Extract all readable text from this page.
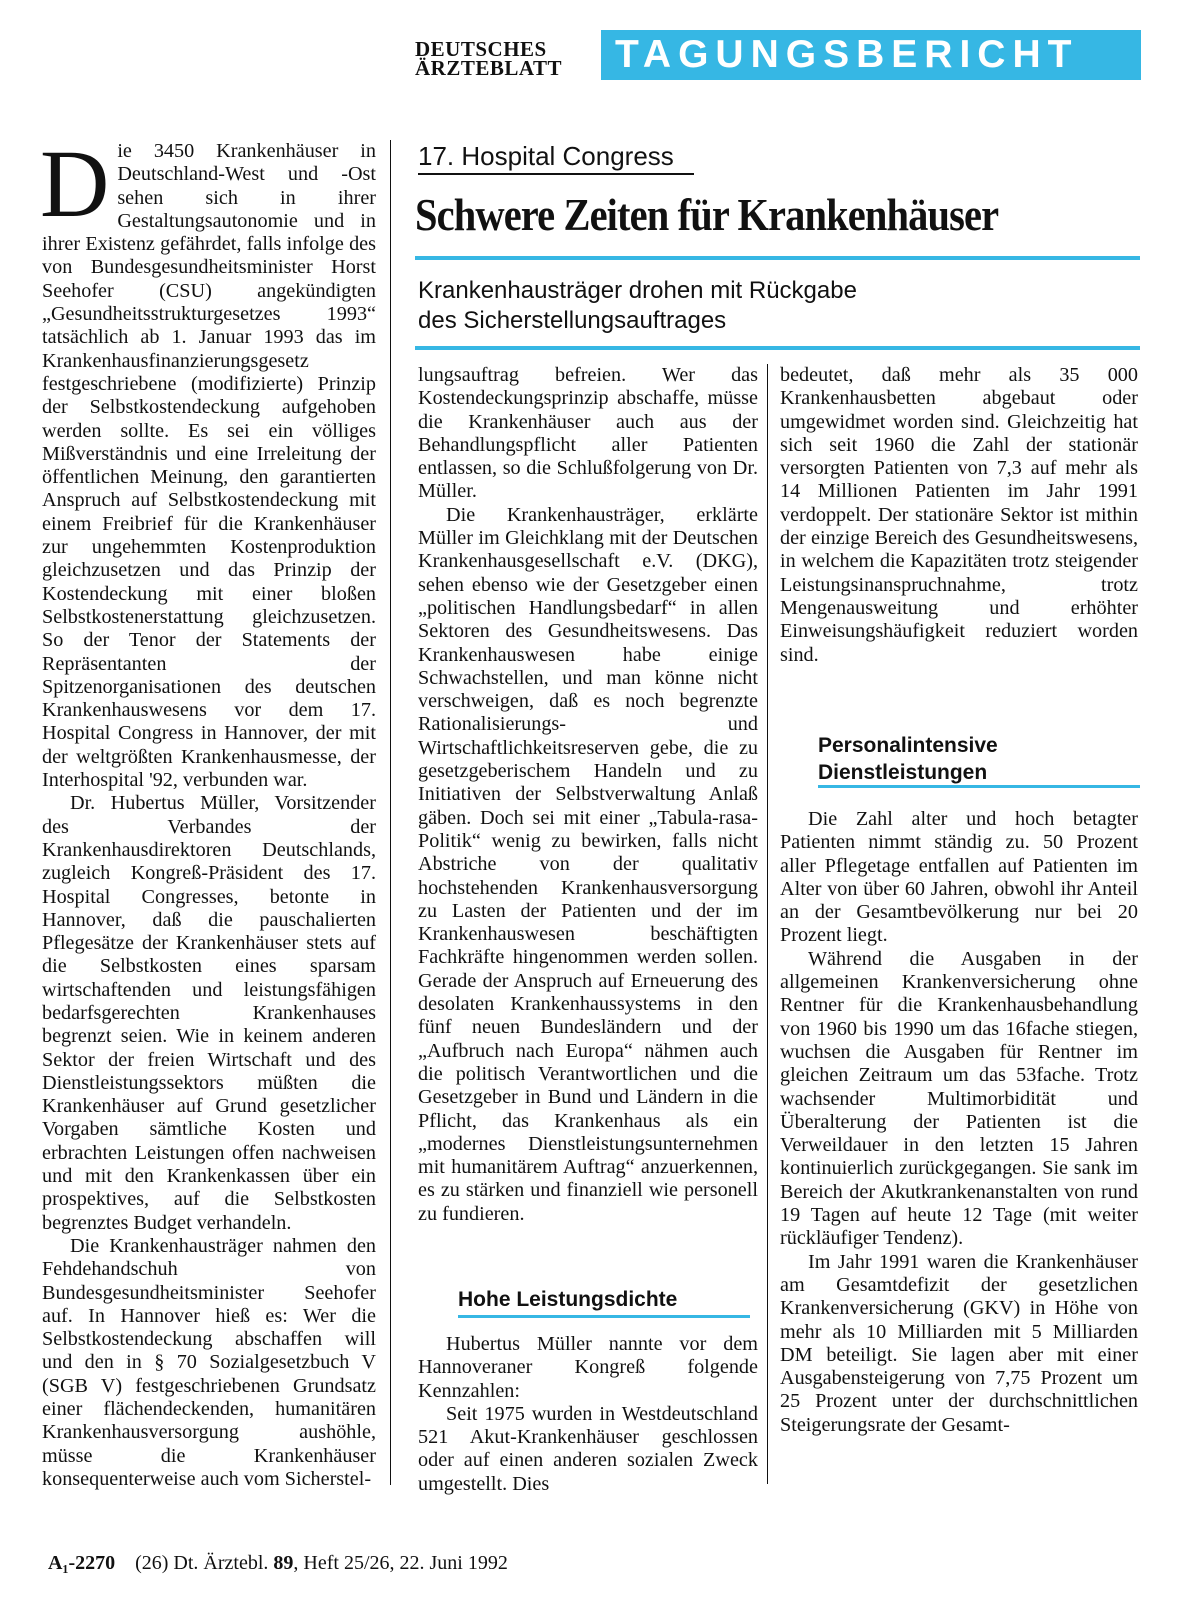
DEUTSCHES
ÄRZTEBLATT	TAGUNGSBERICHT

Die 3450 Krankenhäuser in Deutschland-West und -Ost sehen sich in ihrer Gestaltungsautonomie und in ihrer Existenz gefährdet, falls infolge des von Bundesgesundheitsminister Horst Seehofer (CSU) angekündigten „Gesundheitsstrukturgesetzes 1993“ tatsächlich ab 1. Januar 1993 das im Krankenhausfinanzierungsgesetz festgeschriebene (modifizierte) Prinzip der Selbstkostendeckung aufgehoben werden sollte. Es sei ein völliges Mißverständnis und eine Irreleitung der öffentlichen Meinung, den garantierten Anspruch auf Selbstkostendeckung mit einem Freibrief für die Krankenhäuser zur ungehemmten Kostenproduktion gleichzusetzen und das Prinzip der Kostendeckung mit einer bloßen Selbstkostenerstattung gleichzusetzen. So der Tenor der Statements der Repräsentanten der Spitzenorganisationen des deutschen Krankenhauswesens vor dem 17. Hospital Congress in Hannover, der mit der weltgrößten Krankenhausmesse, der Interhospital '92, verbunden war.

Dr. Hubertus Müller, Vorsitzender des Verbandes der Krankenhausdirektoren Deutschlands, zugleich Kongreß-Präsident des 17. Hospital Congresses, betonte in Hannover, daß die pauschalierten Pflegesätze der Krankenhäuser stets auf die Selbstkosten eines sparsam wirtschaftenden und leistungsfähigen bedarfsgerechten Krankenhauses begrenzt seien. Wie in keinem anderen Sektor der freien Wirtschaft und des Dienstleistungssektors müßten die Krankenhäuser auf Grund gesetzlicher Vorgaben sämtliche Kosten und erbrachten Leistungen offen nachweisen und mit den Krankenkassen über ein prospektives, auf die Selbstkosten begrenztes Budget verhandeln.

Die Krankenhausträger nahmen den Fehdehandschuh von Bundesgesundheitsminister Seehofer auf. In Hannover hieß es: Wer die Selbstkostendeckung abschaffen will und den in § 70 Sozialgesetzbuch V (SGB V) festgeschriebenen Grundsatz einer flächendeckenden, humanitären Krankenhausversorgung aushöhle, müsse die Krankenhäuser konsequenterweise auch vom Sicherstel-

17. Hospital Congress
Schwere Zeiten für Krankenhäuser
Krankenhausträger drohen mit Rückgabe
des Sicherstellungsauftrages

lungsauftrag befreien. Wer das Kostendeckungsprinzip abschaffe, müsse die Krankenhäuser auch aus der Behandlungspflicht aller Patienten entlassen, so die Schlußfolgerung von Dr. Müller.

Die Krankenhausträger, erklärte Müller im Gleichklang mit der Deutschen Krankenhausgesellschaft e.V. (DKG), sehen ebenso wie der Gesetzgeber einen „politischen Handlungsbedarf“ in allen Sektoren des Gesundheitswesens. Das Krankenhauswesen habe einige Schwachstellen, und man könne nicht verschweigen, daß es noch begrenzte Rationalisierungs- und Wirtschaftlichkeitsreserven gebe, die zu gesetzgeberischem Handeln und zu Initiativen der Selbstverwaltung Anlaß gäben. Doch sei mit einer „Tabula-rasa-Politik“ wenig zu bewirken, falls nicht Abstriche von der qualitativ hochstehenden Krankenhausversorgung zu Lasten der Patienten und der im Krankenhauswesen beschäftigten Fachkräfte hingenommen werden sollen. Gerade der Anspruch auf Erneuerung des desolaten Krankenhaussystems in den fünf neuen Bundesländern und der „Aufbruch nach Europa“ nähmen auch die politisch Verantwortlichen und die Gesetzgeber in Bund und Ländern in die Pflicht, das Krankenhaus als ein „modernes Dienstleistungsunternehmen mit humanitärem Auftrag“ anzuerkennen, es zu stärken und finanziell wie personell zu fundieren.

Hohe Leistungsdichte

Hubertus Müller nannte vor dem Hannoveraner Kongreß folgende Kennzahlen:

Seit 1975 wurden in Westdeutschland 521 Akut-Krankenhäuser geschlossen oder auf einen anderen sozialen Zweck umgestellt. Dies

bedeutet, daß mehr als 35 000 Krankenhausbetten abgebaut oder umgewidmet worden sind. Gleichzeitig hat sich seit 1960 die Zahl der stationär versorgten Patienten von 7,3 auf mehr als 14 Millionen Patienten im Jahr 1991 verdoppelt. Der stationäre Sektor ist mithin der einzige Bereich des Gesundheitswesens, in welchem die Kapazitäten trotz steigender Leistungsinanspruchnahme, trotz Mengenausweitung und erhöhter Einweisungshäufigkeit reduziert worden sind.

Personalintensive
Dienstleistungen

Die Zahl alter und hoch betagter Patienten nimmt ständig zu. 50 Prozent aller Pflegetage entfallen auf Patienten im Alter von über 60 Jahren, obwohl ihr Anteil an der Gesamtbevölkerung nur bei 20 Prozent liegt.

Während die Ausgaben in der allgemeinen Krankenversicherung ohne Rentner für die Krankenhausbehandlung von 1960 bis 1990 um das 16fache stiegen, wuchsen die Ausgaben für Rentner im gleichen Zeitraum um das 53fache. Trotz wachsender Multimorbidität und Überalterung der Patienten ist die Verweildauer in den letzten 15 Jahren kontinuierlich zurückgegangen. Sie sank im Bereich der Akutkrankenanstalten von rund 19 Tagen auf heute 12 Tage (mit weiter rückläufiger Tendenz).

Im Jahr 1991 waren die Krankenhäuser am Gesamtdefizit der gesetzlichen Krankenversicherung (GKV) in Höhe von mehr als 10 Milliarden mit 5 Milliarden DM beteiligt. Sie lagen aber mit einer Ausgabensteigerung von 7,75 Prozent um 25 Prozent unter der durchschnittlichen Steigerungsrate der Gesamt-

A₁-2270 (26) Dt. Ärztebl. 89, Heft 25/26, 22. Juni 1992
